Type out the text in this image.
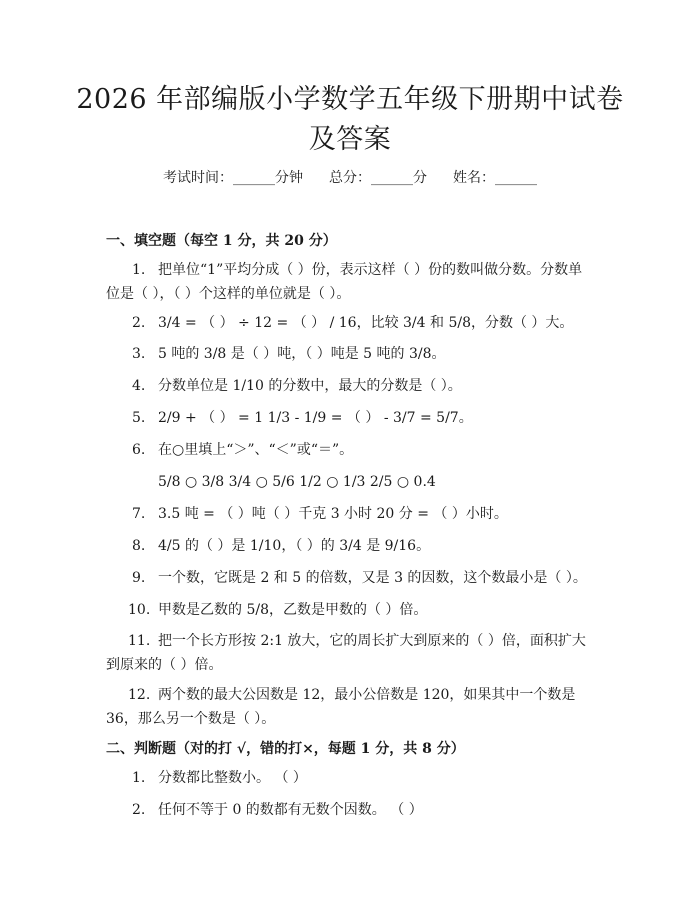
2026 年部编版小学数学五年级下册期中试卷
及答案
考试时间：______分钟 总分：______分 姓名：______
一、填空题（每空 1 分，共 20 分）
1. 把单位“1”平均分成（ ）份，表示这样（ ）份的数叫做分数。分数单位是（ ），（ ）个这样的单位就是（ ）。
2. 3/4 = （ ） ÷ 12 = （ ） / 16，比较 3/4 和 5/8，分数（ ）大。
3. 5 吨的 3/8 是（ ）吨，（ ）吨是 5 吨的 3/8。
4. 分数单位是 1/10 的分数中，最大的分数是（ ）。
5. 2/9 + （ ） = 1 1/3 - 1/9 = （ ） - 3/7 = 5/7。
6. 在○里填上“＞”、“＜”或“＝”。
5/8 ○ 3/8 3/4 ○ 5/6 1/2 ○ 1/3 2/5 ○ 0.4
7. 3.5 吨 = （ ）吨（ ）千克 3 小时 20 分 = （ ）小时。
8. 4/5 的（ ）是 1/10，（ ）的 3/4 是 9/16。
9. 一个数，它既是 2 和 5 的倍数，又是 3 的因数，这个数最小是（ ）。
10. 甲数是乙数的 5/8，乙数是甲数的（ ）倍。
11. 把一个长方形按 2:1 放大，它的周长扩大到原来的（ ）倍，面积扩大到原来的（ ）倍。
12. 两个数的最大公因数是 12，最小公倍数是 120，如果其中一个数是 36，那么另一个数是（ ）。
二、判断题（对的打 √，错的打×，每题 1 分，共 8 分）
1. 分数都比整数小。 （ ）
2. 任何不等于 0 的数都有无数个因数。 （ ）
